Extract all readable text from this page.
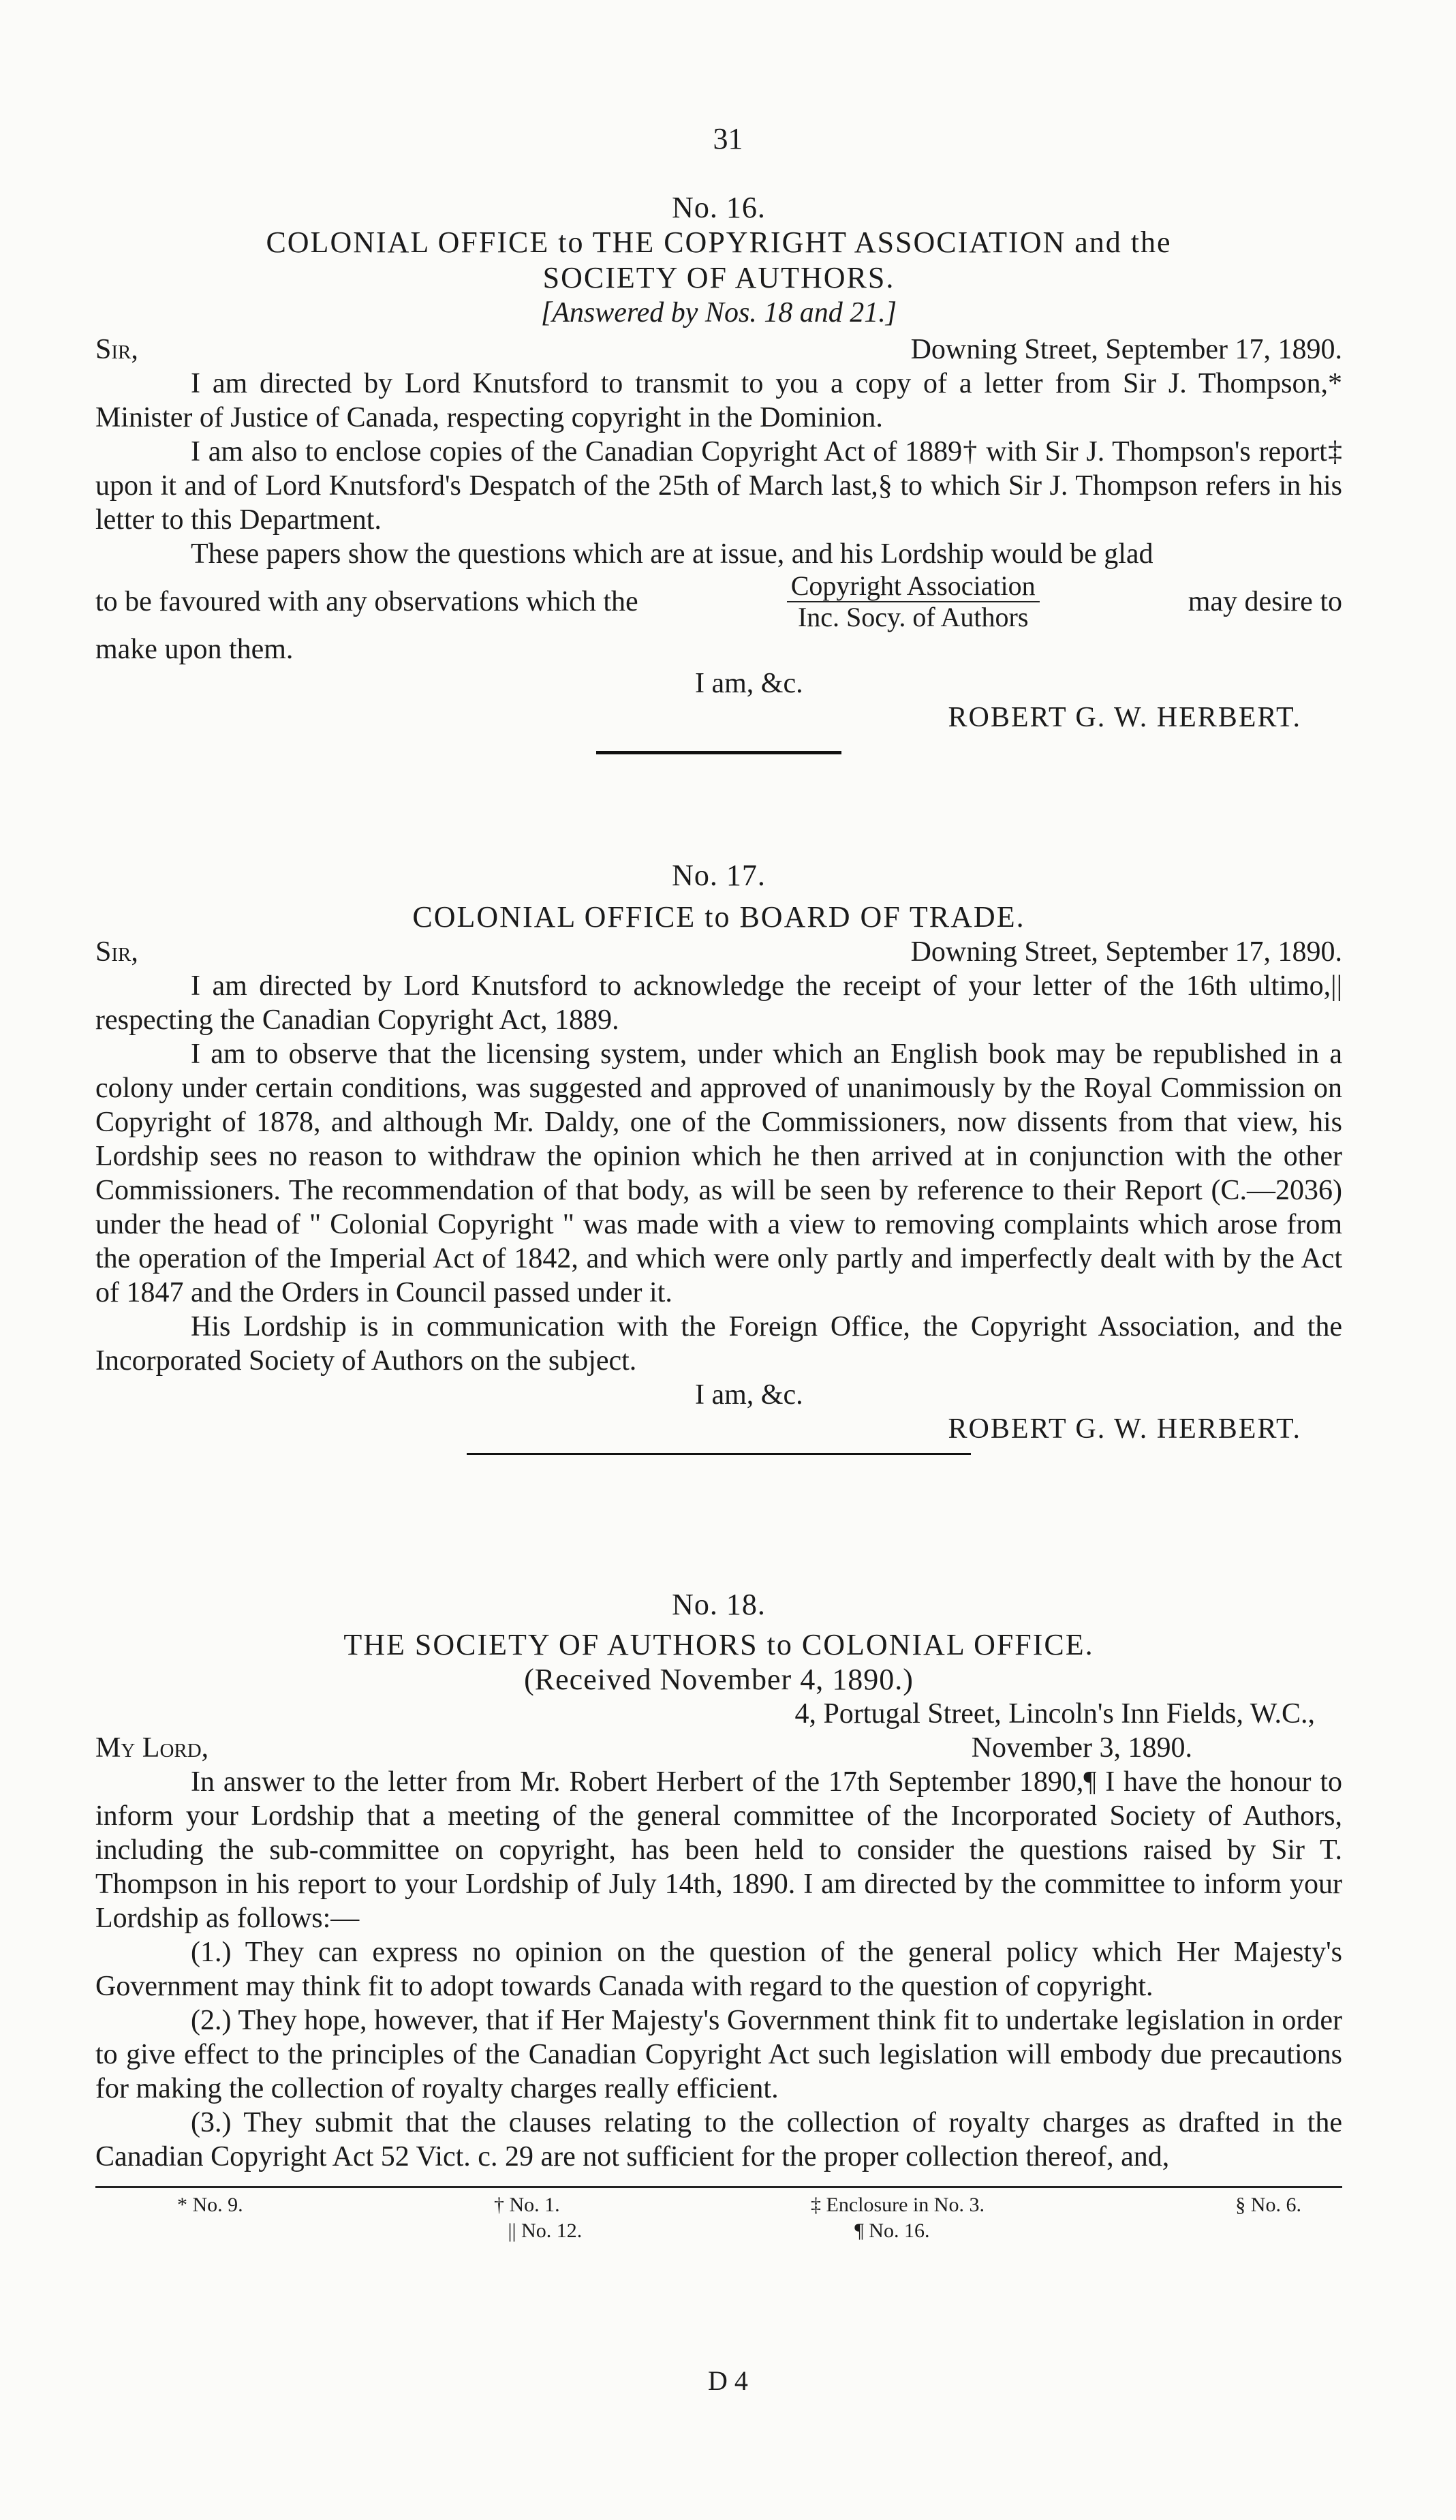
31
No. 16.
COLONIAL OFFICE to THE COPYRIGHT ASSOCIATION and the
SOCIETY OF AUTHORS.
[Answered by Nos. 18 and 21.]
Sir,	Downing Street, September 17, 1890.

I am directed by Lord Knutsford to transmit to you a copy of a letter from Sir J. Thompson,* Minister of Justice of Canada, respecting copyright in the Dominion.

I am also to enclose copies of the Canadian Copyright Act of 1889† with Sir J. Thompson's report‡ upon it and of Lord Knutsford's Despatch of the 25th of March last,§ to which Sir J. Thompson refers in his letter to this Department.

These papers show the questions which are at issue, and his Lordship would be glad

to be favoured with any observations which the	$\frac{\text{Copyright Association}}{\text{Inc. Socy. of Authors}}$	may desire to
make upon them.
I am, &c.
ROBERT G. W. HERBERT.
No. 17.
COLONIAL OFFICE to BOARD OF TRADE.
Sir,	Downing Street, September 17, 1890.

I am directed by Lord Knutsford to acknowledge the receipt of your letter of the 16th ultimo,|| respecting the Canadian Copyright Act, 1889.

I am to observe that the licensing system, under which an English book may be republished in a colony under certain conditions, was suggested and approved of unanimously by the Royal Commission on Copyright of 1878, and although Mr. Daldy, one of the Commissioners, now dissents from that view, his Lordship sees no reason to withdraw the opinion which he then arrived at in conjunction with the other Commissioners. The recommendation of that body, as will be seen by reference to their Report (C.—2036) under the head of " Colonial Copyright " was made with a view to removing complaints which arose from the operation of the Imperial Act of 1842, and which were only partly and imperfectly dealt with by the Act of 1847 and the Orders in Council passed under it.

His Lordship is in communication with the Foreign Office, the Copyright Association, and the Incorporated Society of Authors on the subject.

I am, &c.
ROBERT G. W. HERBERT.
No. 18.
THE SOCIETY OF AUTHORS to COLONIAL OFFICE.
(Received November 4, 1890.)
4, Portugal Street, Lincoln's Inn Fields, W.C.,
My Lord,	November 3, 1890.

In answer to the letter from Mr. Robert Herbert of the 17th September 1890,¶ I have the honour to inform your Lordship that a meeting of the general committee of the Incorporated Society of Authors, including the sub-committee on copyright, has been held to consider the questions raised by Sir T. Thompson in his report to your Lordship of July 14th, 1890. I am directed by the committee to inform your Lordship as follows:—

(1.) They can express no opinion on the question of the general policy which Her Majesty's Government may think fit to adopt towards Canada with regard to the question of copyright.

(2.) They hope, however, that if Her Majesty's Government think fit to undertake legislation in order to give effect to the principles of the Canadian Copyright Act such legislation will embody due precautions for making the collection of royalty charges really efficient.

(3.) They submit that the clauses relating to the collection of royalty charges as drafted in the Canadian Copyright Act 52 Vict. c. 29 are not sufficient for the proper collection thereof, and,

* No. 9.	† No. 1.	‡ Enclosure in No. 3.	§ No. 6.
|| No. 12.	¶ No. 16.
D 4
